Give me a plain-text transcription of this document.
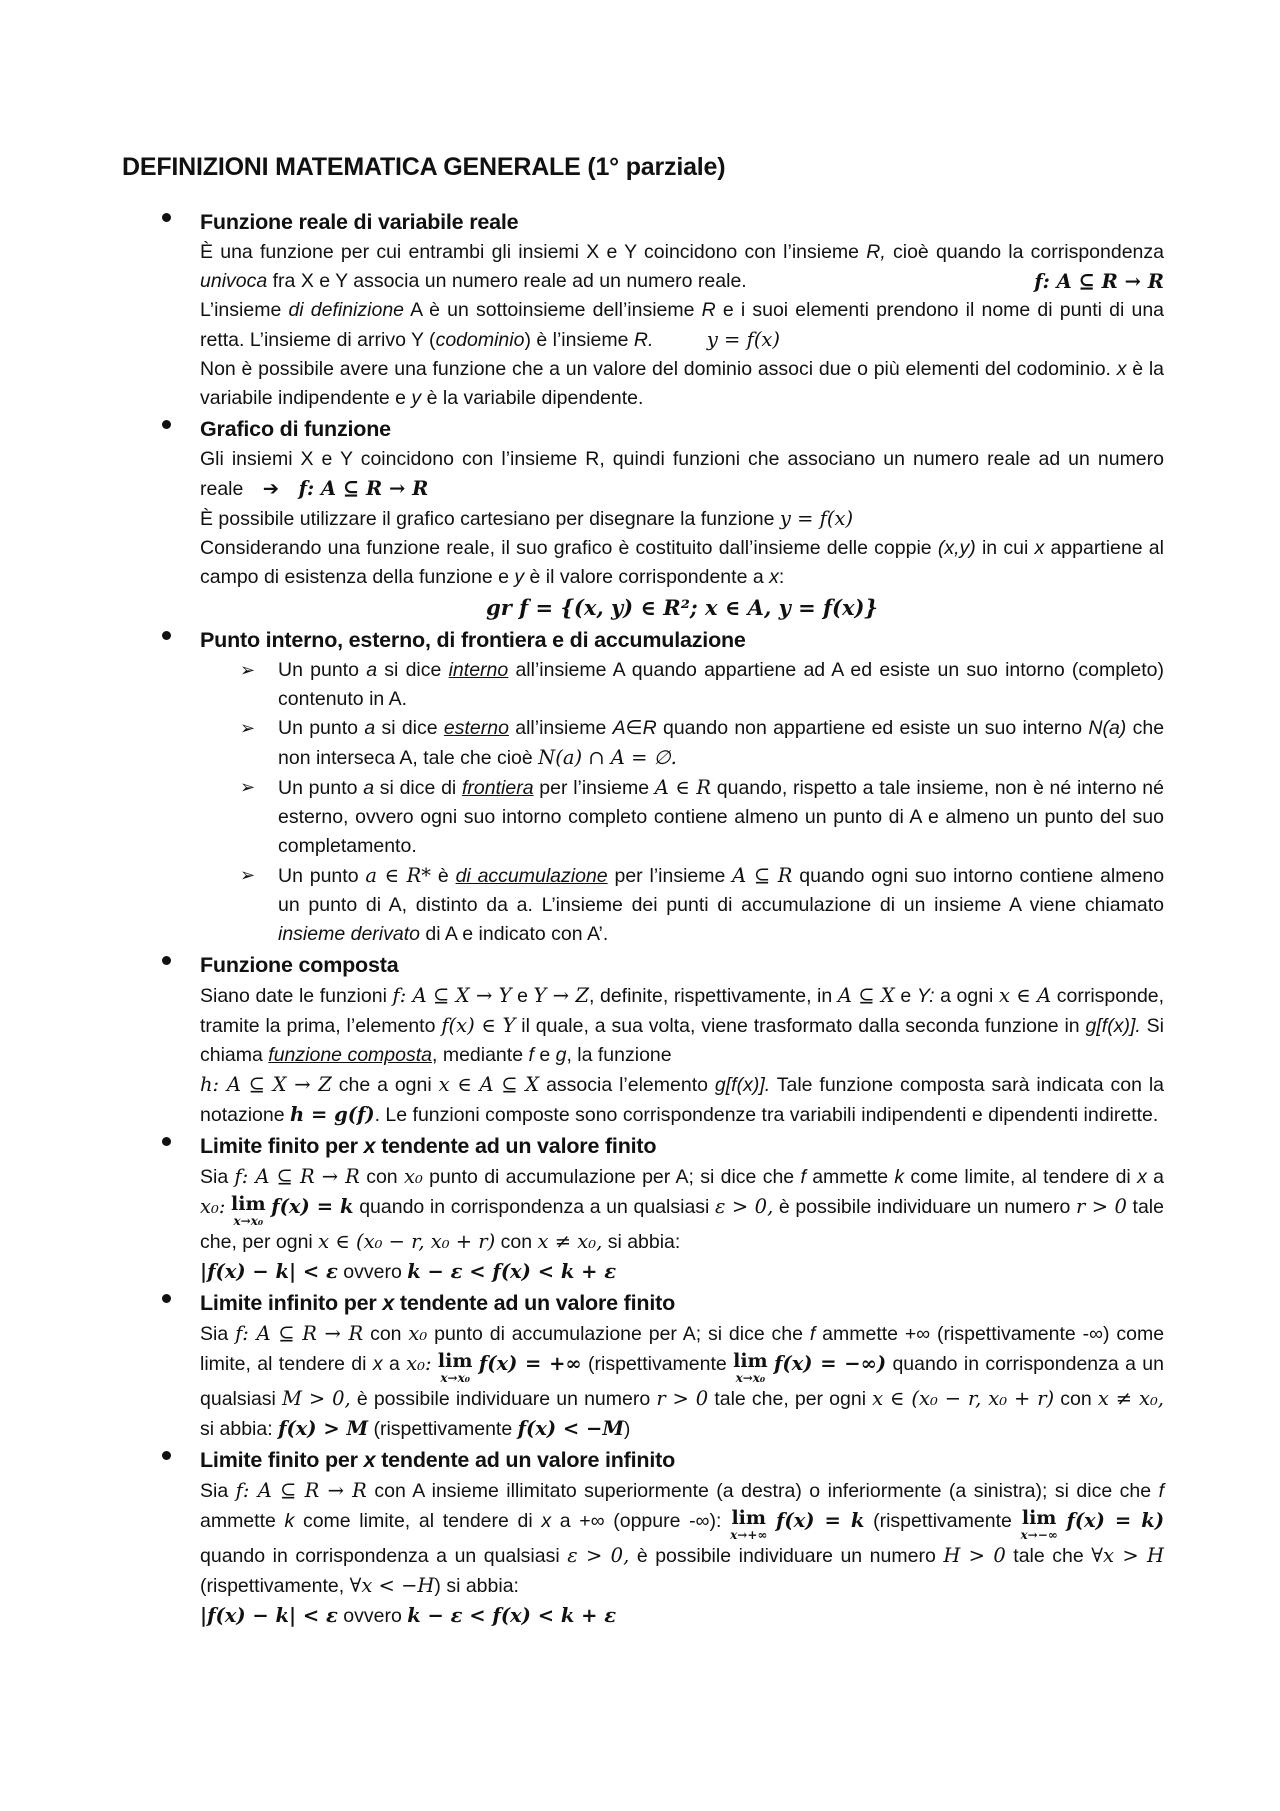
DEFINIZIONI MATEMATICA GENERALE (1° parziale)
Funzione reale di variabile reale

È una funzione per cui entrambi gli insiemi X e Y coincidono con l’insieme R, cioè quando la corrispondenza univoca fra X e Y associa un numero reale ad un numero reale.	f: A ⊆ R → R

L’insieme di definizione A è un sottoinsieme dell’insieme R e i suoi elementi prendono il nome di punti di una retta. L’insieme di arrivo Y (codominio) è l’insieme R.	y = f(x)

Non è possibile avere una funzione che a un valore del dominio associ due o più elementi del codominio. x è la variabile indipendente e y è la variabile dipendente.

Grafico di funzione

Gli insiemi X e Y coincidono con l’insieme R, quindi funzioni che associano un numero reale ad un numero reale ➔ f: A ⊆ R → R

È possibile utilizzare il grafico cartesiano per disegnare la funzione y = f(x)

Considerando una funzione reale, il suo grafico è costituito dall’insieme delle coppie (x,y) in cui x appartiene al campo di esistenza della funzione e y è il valore corrispondente a x:

gr f = {(x, y) ∈ R²; x ∈ A, y = f(x)}
Punto interno, esterno, di frontiera e di accumulazione
➢ Un punto a si dice interno all’insieme A quando appartiene ad A ed esiste un suo intorno (completo) contenuto in A.
➢ Un punto a si dice esterno all’insieme A∈R quando non appartiene ed esiste un suo interno N(a) che non interseca A, tale che cioè N(a) ∩ A = ∅.
➢ Un punto a si dice di frontiera per l’insieme A ∈ R quando, rispetto a tale insieme, non è né interno né esterno, ovvero ogni suo intorno completo contiene almeno un punto di A e almeno un punto del suo completamento.
➢ Un punto a ∈ R* è di accumulazione per l’insieme A ⊆ R quando ogni suo intorno contiene almeno un punto di A, distinto da a. L’insieme dei punti di accumulazione di un insieme A viene chiamato insieme derivato di A e indicato con A’.
Funzione composta

Siano date le funzioni f: A ⊆ X → Y e Y → Z, definite, rispettivamente, in A ⊆ X e Y: a ogni x ∈ A corrisponde, tramite la prima, l’elemento f(x) ∈ Y il quale, a sua volta, viene trasformato dalla seconda funzione in g[f(x)]. Si chiama funzione composta, mediante f e g, la funzione

h: A ⊆ X → Z che a ogni x ∈ A ⊆ X associa l’elemento g[f(x)]. Tale funzione composta sarà indicata con la notazione h = g(f). Le funzioni composte sono corrispondenze tra variabili indipendenti e dipendenti indirette.

Limite finito per x tendente ad un valore finito

Sia f: A ⊆ R → R con x₀ punto di accumulazione per A; si dice che f ammette k come limite, al tendere di x a x₀: lim
x→x₀
f(x) = k quando in corrispondenza a un qualsiasi ε > 0, è possibile individuare un numero r > 0 tale che, per ogni x ∈ (x₀ − r, x₀ + r) con x ≠ x₀, si abbia:

|f(x) − k| < ε ovvero k − ε < f(x) < k + ε

Limite infinito per x tendente ad un valore finito

Sia f: A ⊆ R → R con x₀ punto di accumulazione per A; si dice che f ammette +∞ (rispettivamente -∞) come limite, al tendere di x a x₀: lim
x→x₀
f(x) = +∞ (rispettivamente lim
x→x₀
f(x) = −∞) quando in corrispondenza a un qualsiasi M > 0, è possibile individuare un numero r > 0 tale che, per ogni x ∈ (x₀ − r, x₀ + r) con x ≠ x₀, si abbia: f(x) > M (rispettivamente f(x) < −M)

Limite finito per x tendente ad un valore infinito

Sia f: A ⊆ R → R con A insieme illimitato superiormente (a destra) o inferiormente (a sinistra); si dice che f ammette k come limite, al tendere di x a +∞ (oppure -∞): lim
x→+∞
f(x) = k (rispettivamente lim
x→−∞
f(x) = k) quando in corrispondenza a un qualsiasi ε > 0, è possibile individuare un numero H > 0 tale che ∀x > H (rispettivamente, ∀x < −H) si abbia:

|f(x) − k| < ε ovvero k − ε < f(x) < k + ε
